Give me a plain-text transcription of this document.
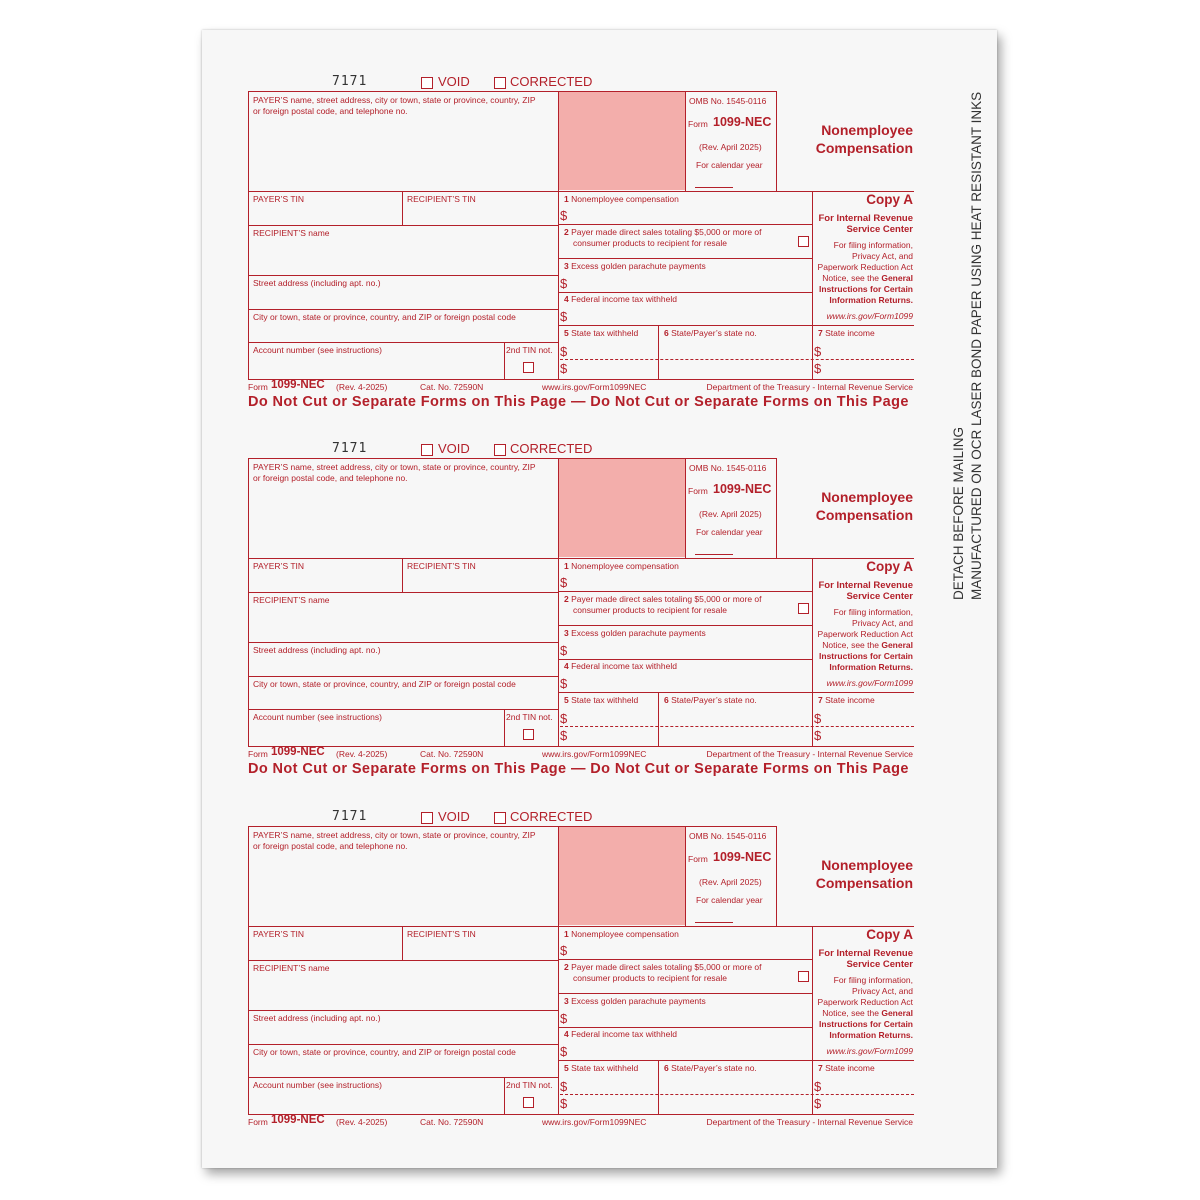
7171	VOID	CORRECTED
PAYER’S name, street address, city or town, state or province, country, ZIP
or foreign postal code, and telephone no.
OMB No. 1545-0116
Form 1099-NEC
(Rev. April 2025)
For calendar year
Nonemployee
Compensation
PAYER’S TIN	RECIPIENT’S TIN
RECIPIENT’S name
Street address (including apt. no.)
City or town, state or province, country, and ZIP or foreign postal code
Account number (see instructions)	2nd TIN not.
1 Nonemployee compensation
$
2 Payer made direct sales totaling $5,000 or more of
consumer products to recipient for resale
3 Excess golden parachute payments
$
4 Federal income tax withheld
$
5 State tax withheld	6 State/Payer’s state no.	7 State income
$
$
$
$
Copy A
For Internal Revenue
Service Center
For filing information,
Privacy Act, and
Paperwork Reduction Act
Notice, see the General
Instructions for Certain
Information Returns.
www.irs.gov/Form1099
Form 1099-NEC (Rev. 4-2025)	Cat. No. 72590N	www.irs.gov/Form1099NEC	Department of the Treasury - Internal Revenue Service
Do Not Cut or Separate Forms on This Page — Do Not Cut or Separate Forms on This Page
7171	VOID	CORRECTED
PAYER’S name, street address, city or town, state or province, country, ZIP
or foreign postal code, and telephone no.
OMB No. 1545-0116
Form 1099-NEC
(Rev. April 2025)
For calendar year
Nonemployee
Compensation
PAYER’S TIN	RECIPIENT’S TIN
RECIPIENT’S name
Street address (including apt. no.)
City or town, state or province, country, and ZIP or foreign postal code
Account number (see instructions)	2nd TIN not.
1 Nonemployee compensation
$
2 Payer made direct sales totaling $5,000 or more of
consumer products to recipient for resale
3 Excess golden parachute payments
$
4 Federal income tax withheld
$
5 State tax withheld	6 State/Payer’s state no.	7 State income
$
$
$
$
Copy A
For Internal Revenue
Service Center
For filing information,
Privacy Act, and
Paperwork Reduction Act
Notice, see the General
Instructions for Certain
Information Returns.
www.irs.gov/Form1099
Form 1099-NEC (Rev. 4-2025)	Cat. No. 72590N	www.irs.gov/Form1099NEC	Department of the Treasury - Internal Revenue Service
Do Not Cut or Separate Forms on This Page — Do Not Cut or Separate Forms on This Page
7171	VOID	CORRECTED
PAYER’S name, street address, city or town, state or province, country, ZIP
or foreign postal code, and telephone no.
OMB No. 1545-0116
Form 1099-NEC
(Rev. April 2025)
For calendar year
Nonemployee
Compensation
PAYER’S TIN	RECIPIENT’S TIN
RECIPIENT’S name
Street address (including apt. no.)
City or town, state or province, country, and ZIP or foreign postal code
Account number (see instructions)	2nd TIN not.
1 Nonemployee compensation
$
2 Payer made direct sales totaling $5,000 or more of
consumer products to recipient for resale
3 Excess golden parachute payments
$
4 Federal income tax withheld
$
5 State tax withheld	6 State/Payer’s state no.	7 State income
$
$
$
$
Copy A
For Internal Revenue
Service Center
For filing information,
Privacy Act, and
Paperwork Reduction Act
Notice, see the General
Instructions for Certain
Information Returns.
www.irs.gov/Form1099
Form 1099-NEC (Rev. 4-2025)	Cat. No. 72590N	www.irs.gov/Form1099NEC	Department of the Treasury - Internal Revenue Service
DETACH BEFORE MAILING MANUFACTURED ON OCR LASER BOND PAPER USING HEAT RESISTANT INKS
